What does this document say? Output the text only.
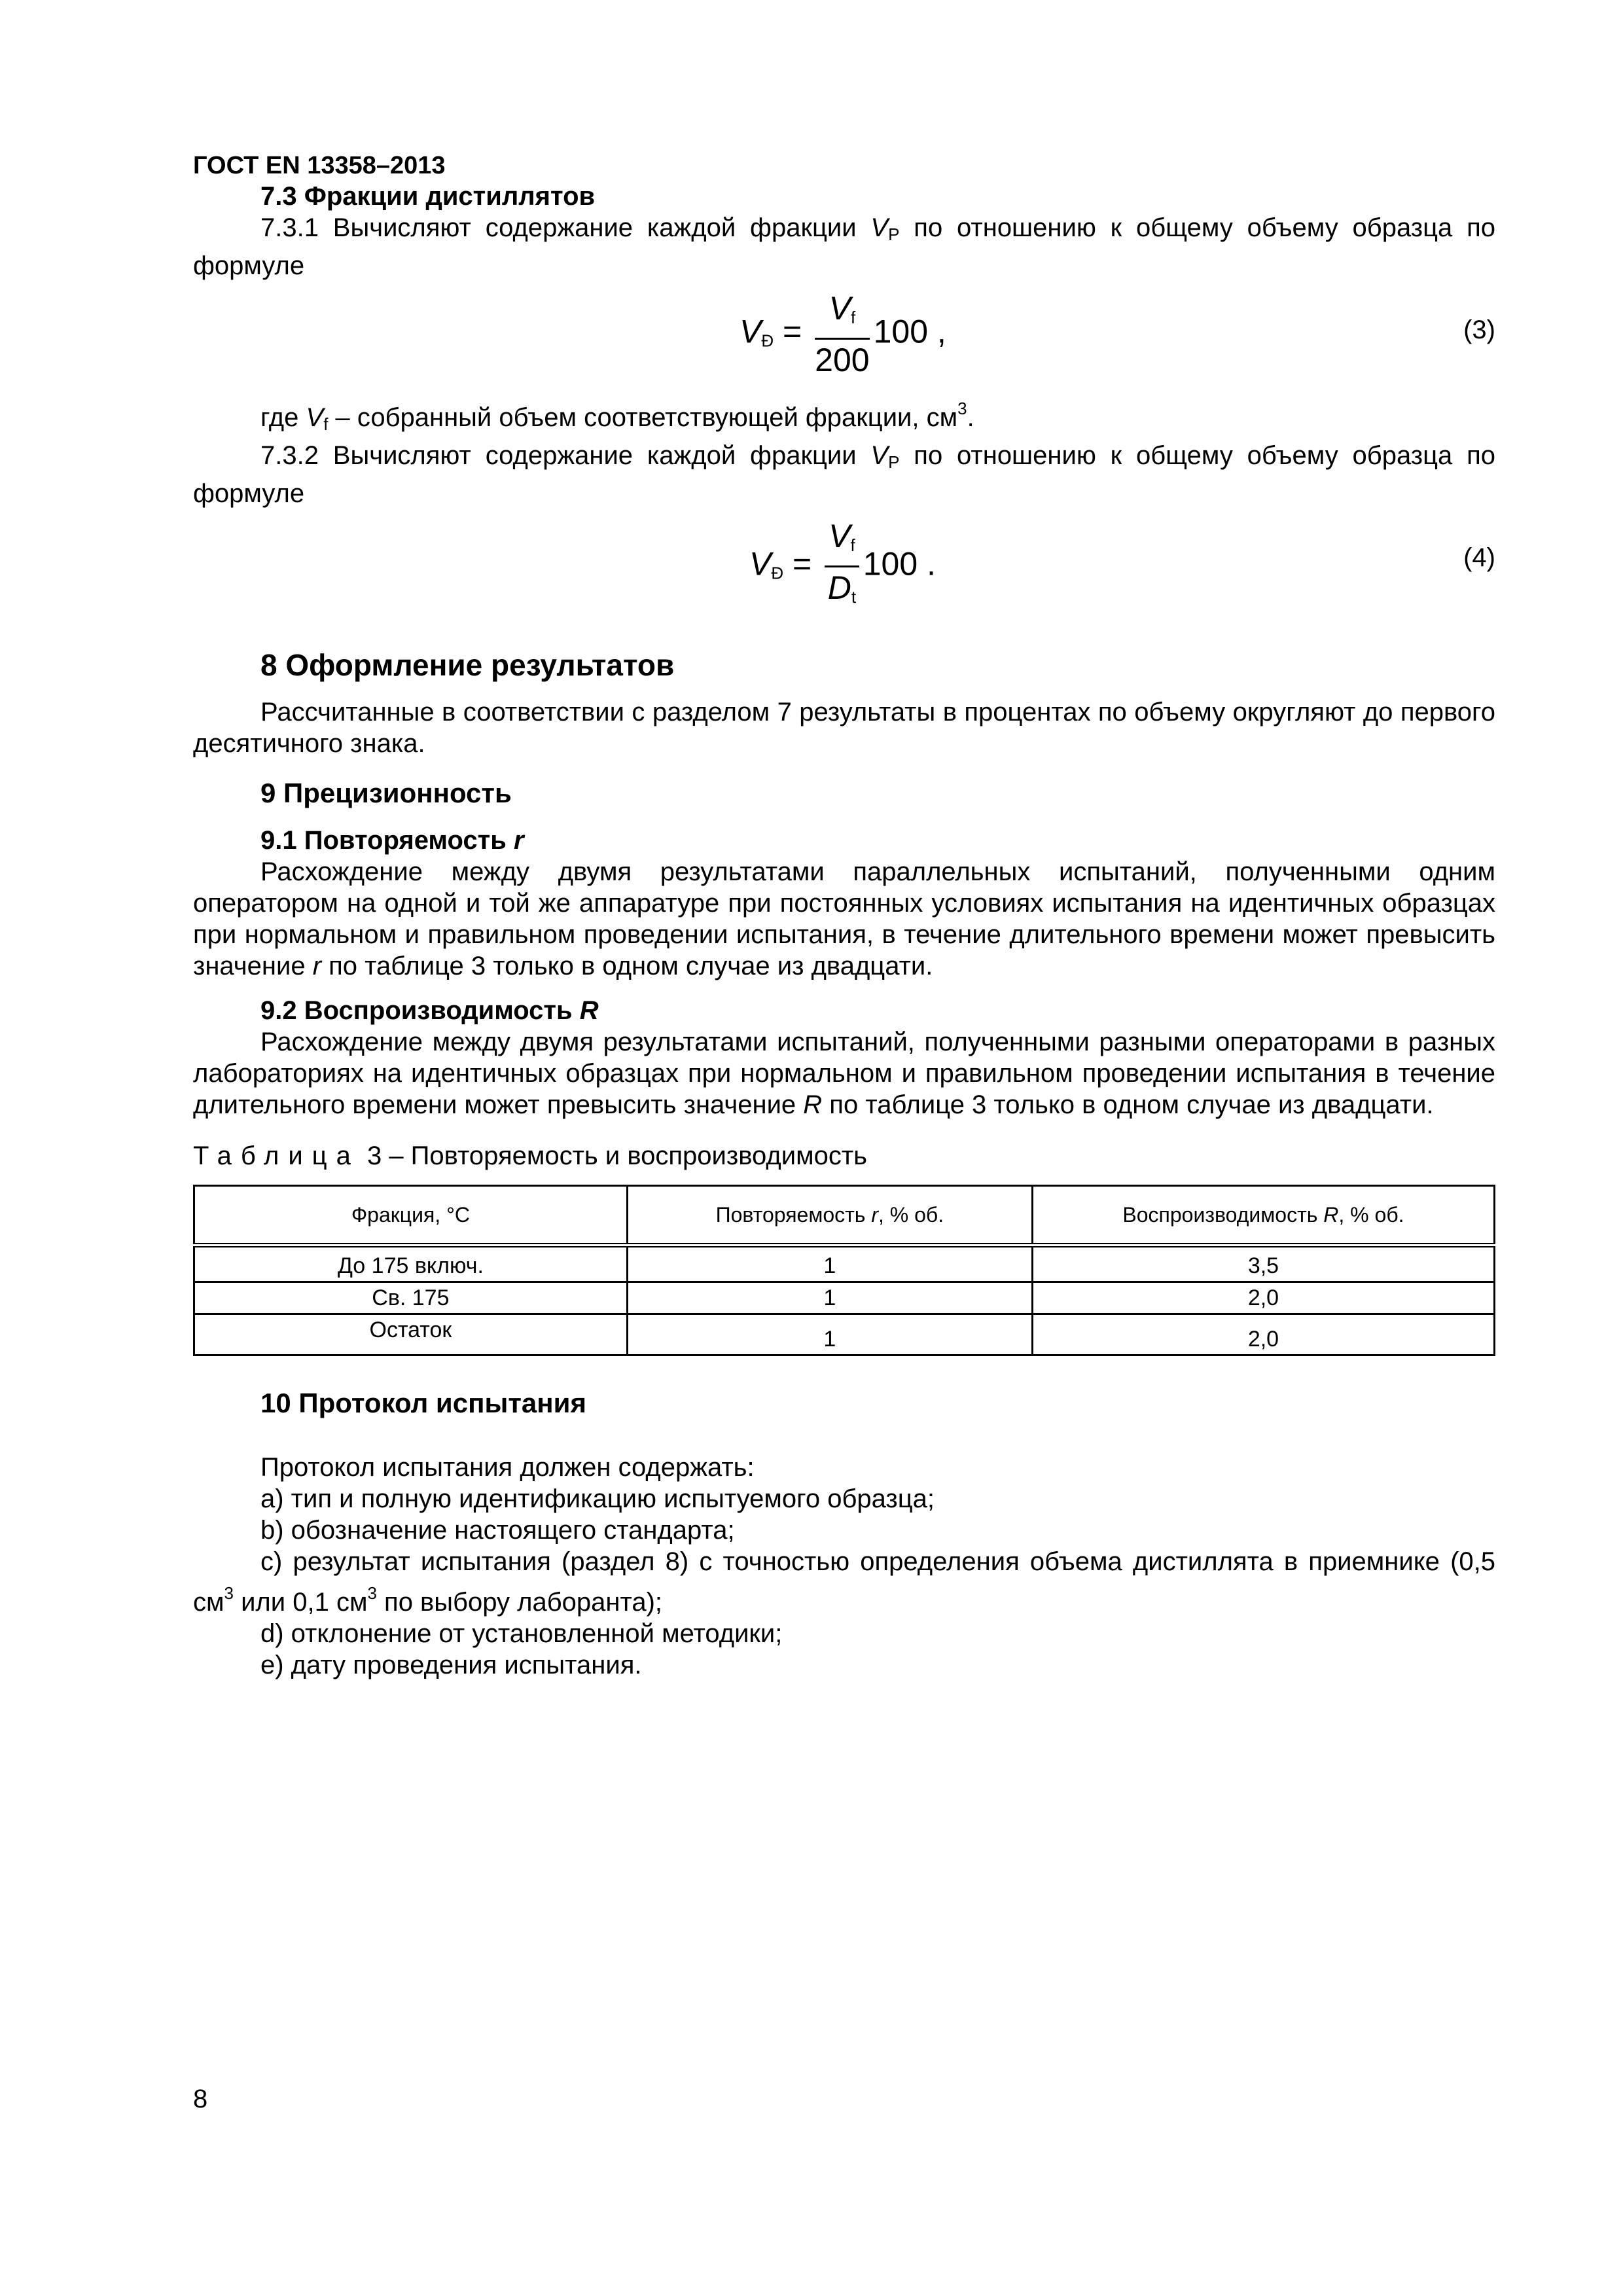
ГОСТ EN 13358–2013

7.3 Фракции дистиллятов

7.3.1 Вычисляют содержание каждой фракции $V_P$ по отношению к общему объему образца по формуле

$V_Đ = \frac{V_f}{200} 100$ ,	(3)

где $V_f$ – собранный объем соответствующей фракции, $см^3$.

7.3.2 Вычисляют содержание каждой фракции $V_P$ по отношению к общему объему образца по формуле

$V_Đ = \frac{V_f}{D_t} 100$ .	(4)

8 Оформление результатов

Рассчитанные в соответствии с разделом 7 результаты в процентах по объему округляют до первого десятичного знака.

9 Прецизионность

9.1 Повторяемость r

Расхождение между двумя результатами параллельных испытаний, полученными одним оператором на одной и той же аппаратуре при постоянных условиях испытания на идентичных образцах при нормальном и правильном проведении испытания, в течение длительного времени может превысить значение r по таблице 3 только в одном случае из двадцати.

9.2 Воспроизводимость R

Расхождение между двумя результатами испытаний, полученными разными операторами в разных лабораториях на идентичных образцах при нормальном и правильном проведении испытания в течение длительного времени может превысить значение R по таблице 3 только в одном случае из двадцати.

Таблица 3 – Повторяемость и воспроизводимость

Фракция, °С	Повторяемость r, % об.	Воспроизводимость R, % об.
До 175 включ.	1	3,5
Св. 175	1	2,0
Остаток	1	2,0

10 Протокол испытания

Протокол испытания должен содержать:

a) тип и полную идентификацию испытуемого образца;

b) обозначение настоящего стандарта;

c) результат испытания (раздел 8) с точностью определения объема дистиллята в приемнике (0,5 $см^3$ или 0,1 $см^3$ по выбору лаборанта);

d) отклонение от установленной методики;

e) дату проведения испытания.

8
